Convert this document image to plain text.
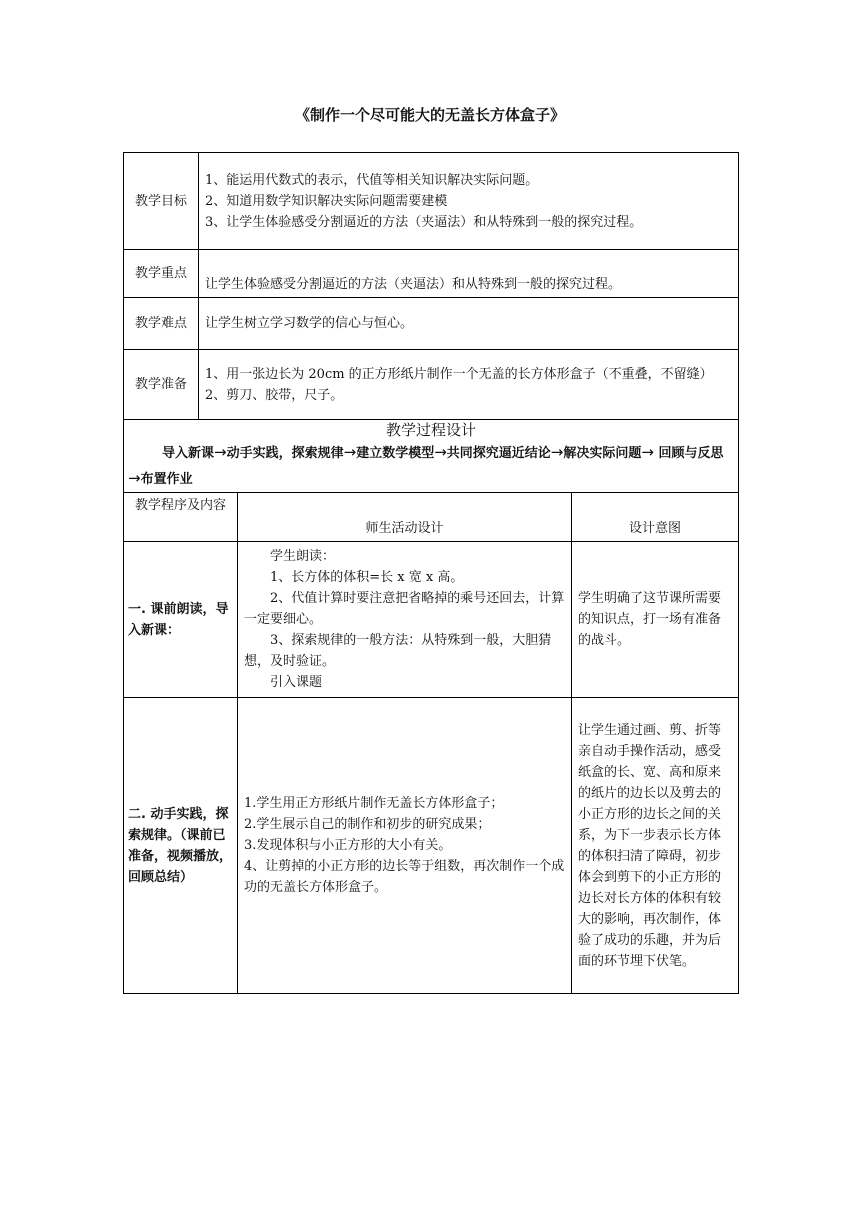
《制作一个尽可能大的无盖长方体盒子》
教学目标	1、能运用代数式的表示，代值等相关知识解决实际问题。

2、知道用数学知识解决实际问题需要建模

3、让学生体验感受分割逼近的方法（夹逼法）和从特殊到一般的探究过程。		

教学重点	让学生体验感受分割逼近的方法（夹逼法）和从特殊到一般的探究过程。		
教学难点	让学生树立学习数学的信心与恒心。		
教学准备	1、用一张边长为 20cm 的正方形纸片制作一个无盖的长方体形盒子（不重叠，不留缝）

2、剪刀、胶带，尺子。		

教学过程设计
导入新课→动手实践，探索规律→建立数学模型→共同探究逼近结论→解决实际问题→ 回顾与反思→布置作业			

教学程序及内容		师生活动设计	设计意图
一. 课前朗读，导入新课：		学生朗读：

1、长方体的体积=长 x 宽 x 高。

2、代值计算时要注意把省略掉的乘号还回去，计算一定要细心。

3、探索规律的一般方法：从特殊到一般，大胆猜想，及时验证。

引入课题	学生明确了这节课所需要的知识点，打一场有准备的战斗。
二. 动手实践，探索规律。（课前已准备，视频播放，回顾总结）		1.学生用正方形纸片制作无盖长方体形盒子；

2.学生展示自己的制作和初步的研究成果；

3.发现体积与小正方形的大小有关。

4、让剪掉的小正方形的边长等于组数，再次制作一个成功的无盖长方体形盒子。	让学生通过画、剪、折等亲自动手操作活动，感受纸盒的长、宽、高和原来的纸片的边长以及剪去的小正方形的边长之间的关系，为下一步表示长方体的体积扫清了障碍，初步体会到剪下的小正方形的边长对长方体的体积有较大的影响，再次制作，体验了成功的乐趣，并为后面的环节埋下伏笔。
